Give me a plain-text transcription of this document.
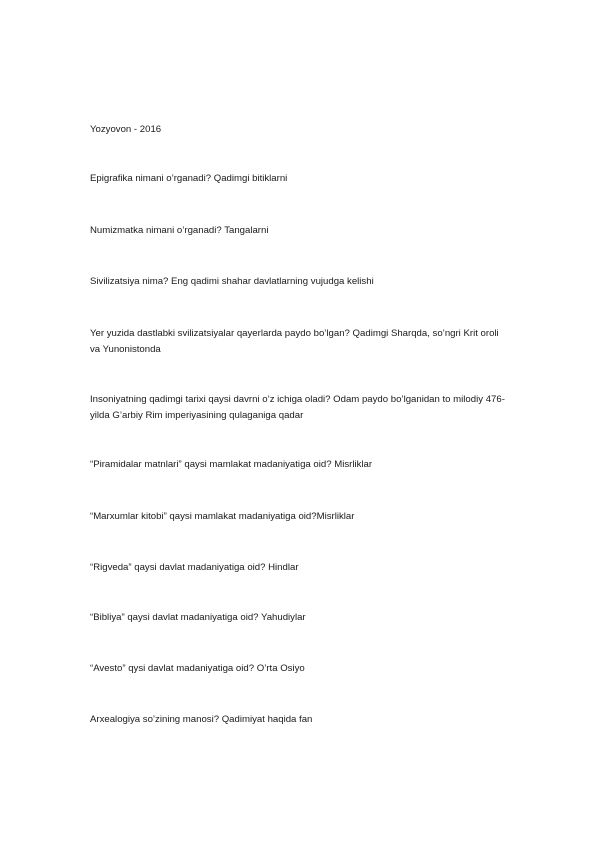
Yozyovon - 2016
Epigrafika nimani o’rganadi? Qadimgi bitiklarni
Numizmatka nimani o’rganadi? Tangalarni
Sivilizatsiya nima? Eng qadimi shahar davlatlarning vujudga kelishi
Yer yuzida dastlabki svilizatsiyalar qayerlarda paydo bo’lgan? Qadimgi Sharqda, so’ngri Krit oroli va Yunonistonda
Insoniyatning qadimgi tarixi qaysi davrni o’z ichiga oladi? Odam paydo bo’lganidan to milodiy 476-yilda G’arbiy Rim imperiyasining qulaganiga qadar
“Piramidalar matnlari” qaysi mamlakat madaniyatiga oid? Misrliklar
“Marxumlar kitobi” qaysi mamlakat madaniyatiga oid?Misrliklar
“Rigveda” qaysi davlat madaniyatiga oid? Hindlar
“Bibliya” qaysi davlat madaniyatiga oid? Yahudiylar
“Avesto” qysi davlat madaniyatiga oid? O’rta Osiyo
Arxealogiya so’zining manosi? Qadimiyat haqida fan
